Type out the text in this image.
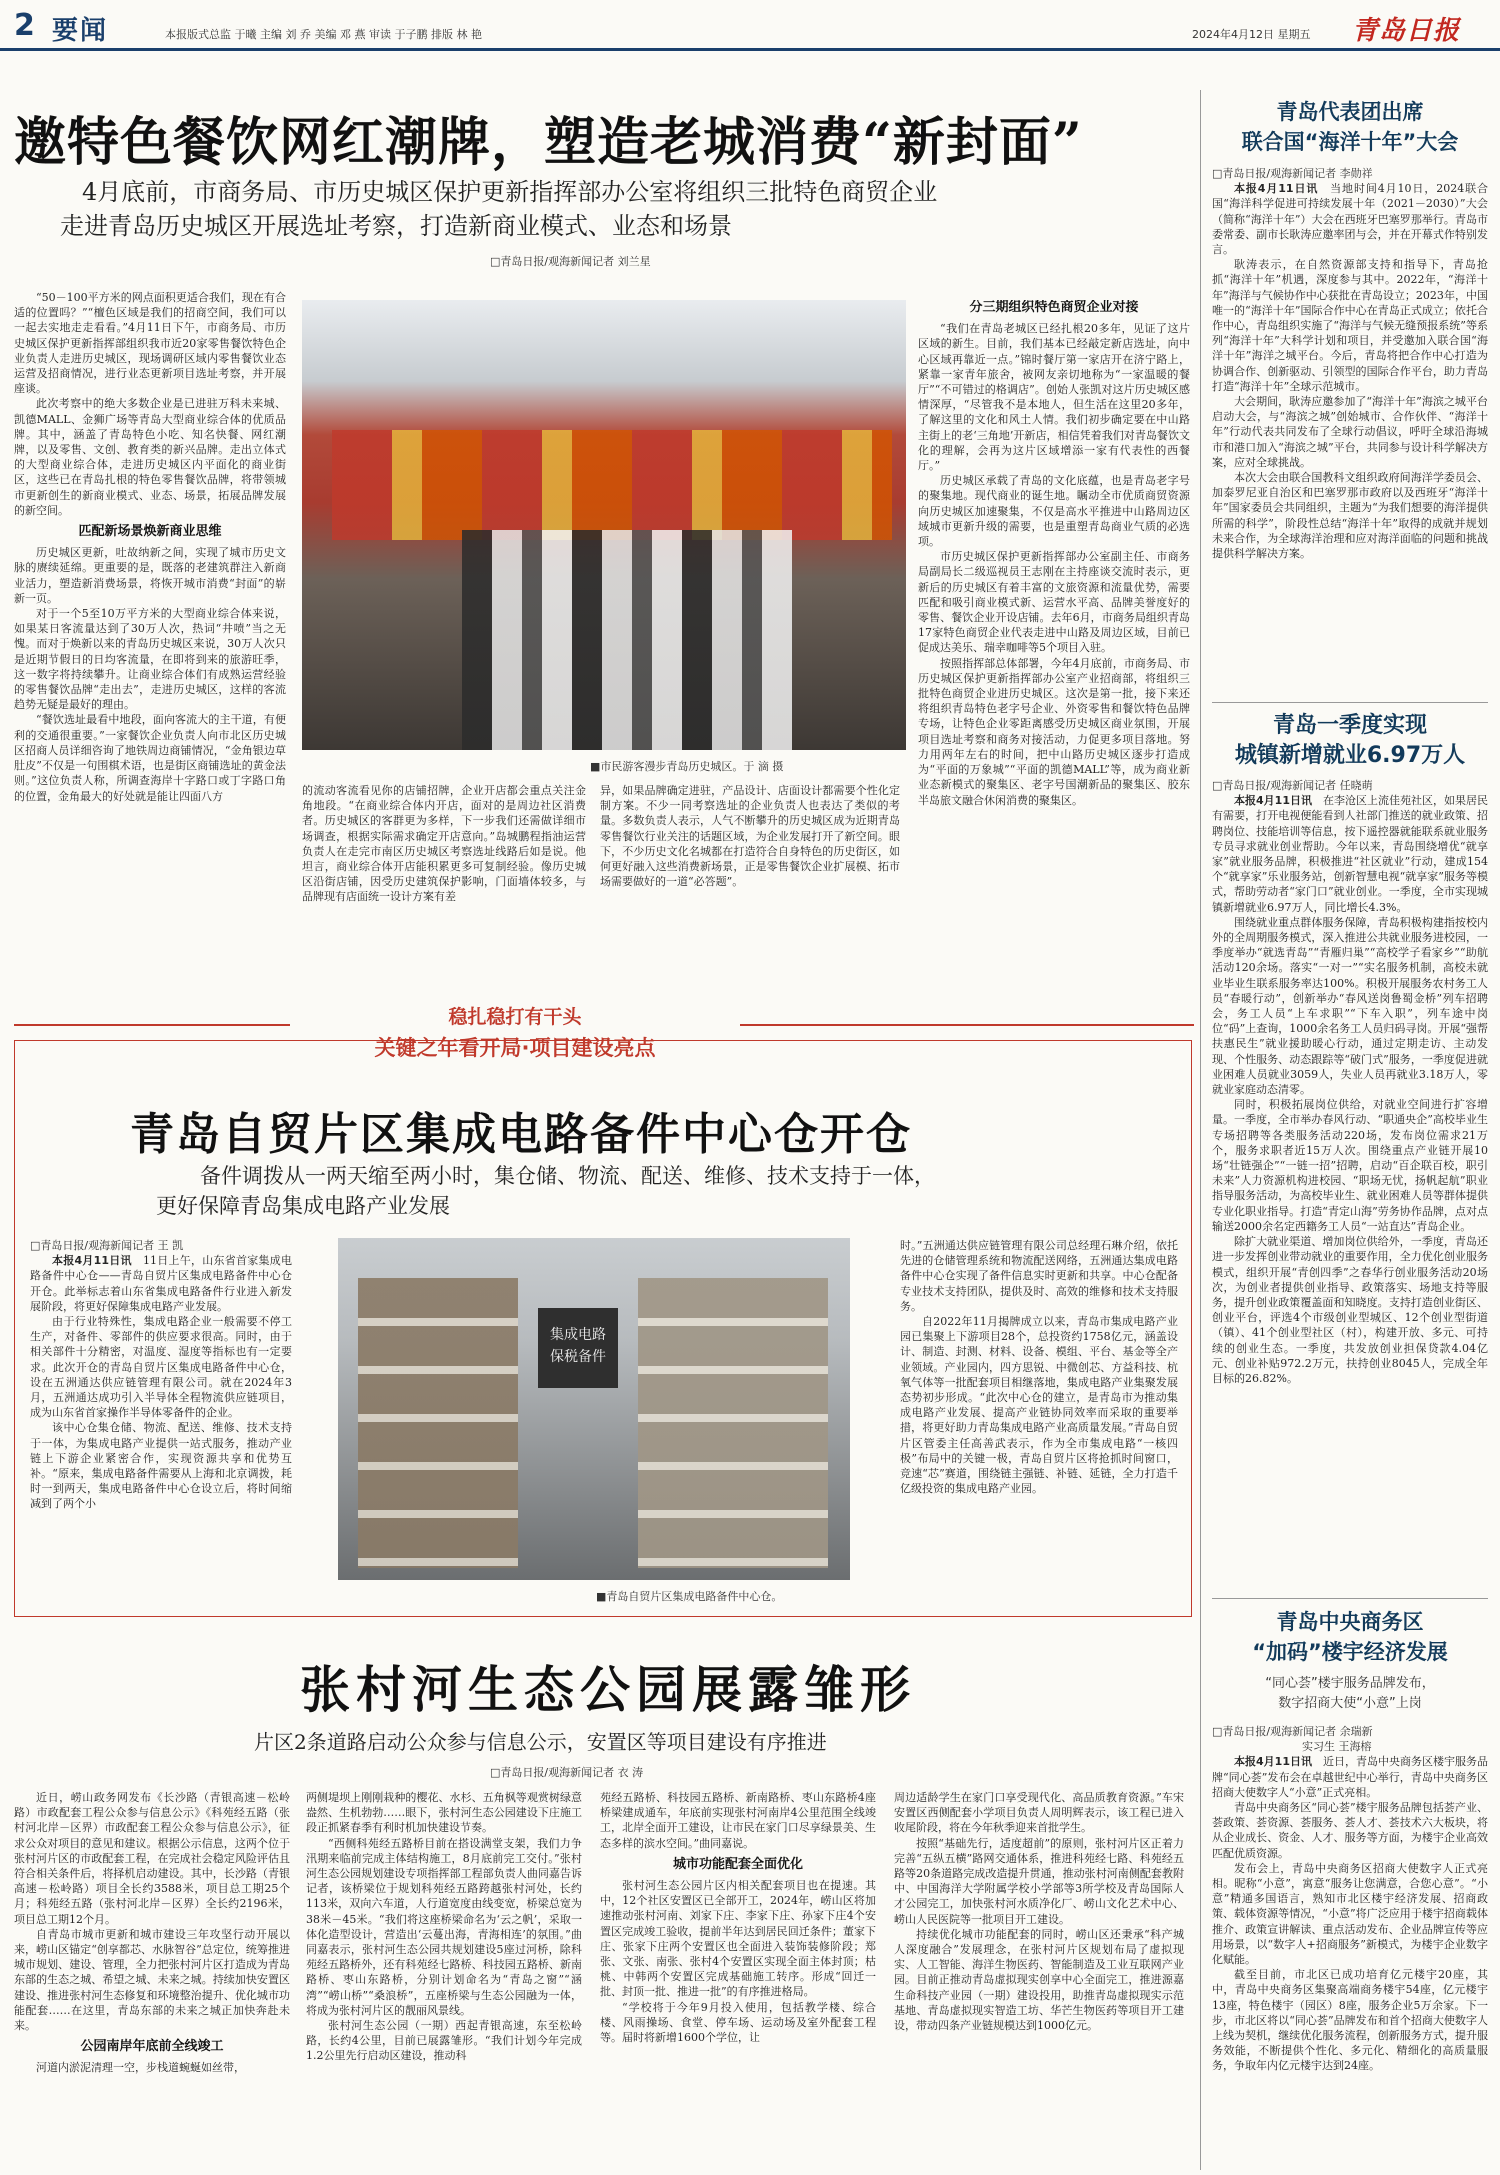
2 要闻	本报版式总监 于曦 主编 刘 乔 美编 邓 燕 审读 于子鹏 排版 林 艳	2024年4月12日 星期五 青岛日报
邀特色餐饮网红潮牌，塑造老城消费“新封面”
4月底前，市商务局、市历史城区保护更新指挥部办公室将组织三批特色商贸企业
走进青岛历史城区开展选址考察，打造新商业模式、业态和场景
□青岛日报/观海新闻记者 刘兰星

“50－100平方米的网点面积更适合我们，现在有合适的位置吗？”“檀色区域是我们的招商空间，我们可以一起去实地走走看看。”4月11日下午，市商务局、市历史城区保护更新指挥部组织我市近20家零售餐饮特色企业负责人走进历史城区，现场调研区域内零售餐饮业态运营及招商情况，进行业态更新项目选址考察，并开展座谈。

此次考察中的绝大多数企业是已进驻万科未来城、凯德MALL、金狮广场等青岛大型商业综合体的优质品牌。其中，涵盖了青岛特色小吃、知名快餐、网红潮牌，以及零售、文创、教育类的新兴品牌。走出立体式的大型商业综合体，走进历史城区内平面化的商业街区，这些已在青岛扎根的特色零售餐饮品牌，将带领城市更新创生的新商业模式、业态、场景，拓展品牌发展的新空间。

匹配新场景焕新商业思维

历史城区更新，吐故纳新之间，实现了城市历史文脉的赓续延绵。更重要的是，既落的老建筑群注入新商业活力，塑造新消费场景，将恢开城市消费“封面”的崭新一页。

对于一个5至10万平方米的大型商业综合体来说，如果某日客流量达到了30万人次，热词“井喷”当之无愧。而对于焕新以来的青岛历史城区来说，30万人次只是近期节假日的日均客流量，在即将到来的旅游旺季，这一数字将持续攀升。让商业综合体们有成熟运营经验的零售餐饮品牌“走出去”，走进历史城区，这样的客流趋势无疑是最好的理由。

“餐饮选址最看中地段，面向客流大的主干道，有便利的交通很重要。”一家餐饮企业负责人向市北区历史城区招商人员详细咨询了地铁周边商铺情况，“金角银边草肚皮”不仅是一句围棋术语，也是街区商铺选址的黄金法则。”这位负责人称，所调查海岸十字路口或丁字路口角的位置，金角最大的好处就是能让四面八方

■市民游客漫步青岛历史城区。于 滴 摄

的流动客流看见你的店铺招牌，企业开店都会重点关注金角地段。“在商业综合体内开店，面对的是周边社区消费者。历史城区的客群更为多样，下一步我们还需做详细市场调查，根据实际需求确定开店意向。”岛城鹏程指油运营负责人在走完市南区历史城区考察选址线路后如是说。他坦言，商业综合体开店能积累更多可复制经验。像历史城区沿街店铺，因受历史建筑保护影响，门面墙体较多，与品牌现有店面统一设计方案有差

异，如果品牌确定进驻，产品设计、店面设计都需要个性化定制方案。不少一同考察选址的企业负责人也表达了类似的考量。多数负责人表示，人气不断攀升的历史城区成为近期青岛零售餐饮行业关注的话题区域，为企业发展打开了新空间。眼下，不少历史文化名城都在打造符合自身特色的历史街区，如何更好融入这些消费新场景，正是零售餐饮企业扩展模、拓市场需要做好的一道“必答题”。

分三期组织特色商贸企业对接

“我们在青岛老城区已经扎根20多年，见证了这片区域的新生。目前，我们基本已经敲定新店选址，向中心区域再靠近一点。”锦时餐厅第一家店开在济宁路上，紧靠一家青年旅舍，被网友亲切地称为“一家温暖的餐厅”“不可错过的格调店”。创始人张凯对这片历史城区感情深厚，“尽管我不是本地人，但生活在这里20多年，了解这里的文化和风土人情。我们初步确定要在中山路主街上的老‘三角地’开新店，相信凭着我们对青岛餐饮文化的理解，会再为这片区域增添一家有代表性的西餐厅。”

历史城区承载了青岛的文化底蕴，也是青岛老字号的聚集地。现代商业的诞生地。瞩动全市优质商贸资源向历史城区加速聚集，不仅是高水平推进中山路周边区域城市更新升级的需要，也是重塑青岛商业气质的必选项。

市历史城区保护更新指挥部办公室副主任、市商务局副局长二级巡视员王志刚在主持座谈交流时表示，更新后的历史城区有着丰富的文旅资源和流量优势，需要匹配和吸引商业模式新、运营水平高、品牌美誉度好的零售、餐饮企业开设店铺。去年6月，市商务局组织青岛17家特色商贸企业代表走进中山路及周边区域，目前已促成达美乐、瑞幸咖啡等5个项目入驻。

按照指挥部总体部署，今年4月底前，市商务局、市历史城区保护更新指挥部办公室产业招商部，将组织三批特色商贸企业进历史城区。这次是第一批，接下来还将组织青岛特色老字号企业、外资零售和餐饮特色品牌专场，让特色企业零距离感受历史城区商业氛围，开展项目选址考察和商务对接活动，力促更多项目落地。努力用两年左右的时间，把中山路历史城区逐步打造成为“平面的万象城”“平面的凯德MALL”等，成为商业新业态新模式的聚集区、老字号国潮新品的聚集区、胶东半岛旅文融合休闲消费的聚集区。

稳扎稳打有干头
关键之年看开局·项目建设亮点
青岛自贸片区集成电路备件中心仓开仓
备件调拨从一两天缩至两小时，集仓储、物流、配送、维修、技术支持于一体，
更好保障青岛集成电路产业发展
□青岛日报/观海新闻记者 王 凯

本报4月11日讯　 11日上午，山东省首家集成电路备件中心仓——青岛自贸片区集成电路备件中心仓开仓。此举标志着山东省集成电路备件行业进入新发展阶段，将更好保障集成电路产业发展。

由于行业特殊性，集成电路企业一般需要不停工生产，对备件、零部件的供应要求很高。同时，由于相关部件十分精密，对温度、湿度等指标也有一定要求。此次开仓的青岛自贸片区集成电路备件中心仓，设在五洲通达供应链管理有限公司。就在2024年3月，五洲通达成功引入半导体全程物流供应链项目，成为山东省首家操作半导体零备件的企业。

该中心仓集仓储、物流、配送、维修、技术支持于一体，为集成电路产业提供一站式服务，推动产业链上下游企业紧密合作，实现资源共享和优势互补。“原来，集成电路备件需要从上海和北京调拨，耗时一到两天，集成电路备件中心仓设立后，将时间缩减到了两个小

集成电路
保税备件
■青岛自贸片区集成电路备件中心仓。

时。”五洲通达供应链管理有限公司总经理石琳介绍，依托先进的仓储管理系统和物流配送网络，五洲通达集成电路备件中心仓实现了备件信息实时更新和共享。中心仓配备专业技术支持团队，提供及时、高效的维修和技术支持服务。

自2022年11月揭牌成立以来，青岛市集成电路产业园已集聚上下游项目28个，总投资约1758亿元，涵盖设计、制造、封测、材料、设备、模组、平台、基金等全产业领域。产业园内，四方思锐、中微创芯、方益科技、杭氧气体等一批配套项目相继落地，集成电路产业集聚发展态势初步形成。“此次中心仓的建立，是青岛市为推动集成电路产业发展、提高产业链协同效率而采取的重要举措，将更好助力青岛集成电路产业高质量发展。”青岛自贸片区管委主任高善武表示，作为全市集成电路“一核四极”布局中的关键一极，青岛自贸片区将抢抓时间窗口，竞速“芯”赛道，围绕链主强链、补链、延链，全力打造千亿级投资的集成电路产业园。

张村河生态公园展露雏形
片区2条道路启动公众参与信息公示，安置区等项目建设有序推进
□青岛日报/观海新闻记者 衣 涛

近日，崂山政务网发布《长沙路（青银高速－松岭路）市政配套工程公众参与信息公示》《科苑经五路（张村河北岸－区界）市政配套工程公众参与信息公示》，征求公众对项目的意见和建议。根据公示信息，这两个位于张村河片区的市政配套工程，在完成社会稳定风险评估且符合相关条件后，将择机启动建设。其中，长沙路（青银高速－松岭路）项目全长约3588米，项目总工期25个月；科苑经五路（张村河北岸－区界）全长约2196米，项目总工期12个月。

自青岛市城市更新和城市建设三年攻坚行动开展以来，崂山区锚定“创享都芯、水脉智谷”总定位，统筹推进城市规划、建设、管理，全力把张村河片区打造成为青岛东部的生态之城、希望之城、未来之城。持续加快安置区建设、推进张村河生态修复和环境整治提升、优化城市功能配套……在这里，青岛东部的未来之城正加快奔赴未来。

公园南岸年底前全线竣工

河道内淤泥清理一空，步栈道蜿蜒如丝带，

两侧堤坝上刚刚栽种的樱花、水杉、五角枫等观赏树绿意盎然、生机勃勃……眼下，张村河生态公园建设下庄施工段正抓紧春季有利时机加快建设节奏。

“西侧科苑经五路桥目前在搭设满堂支架，我们力争汛期来临前完成主体结构施工，8月底前完工交付。”张村河生态公园规划建设专项指挥部工程部负责人曲同嘉告诉记者，该桥梁位于规划科苑经五路跨越张村河处，长约113米，双向六车道，人行道宽度由线变宽，桥梁总宽为38米－45米。“我们将这座桥梁命名为‘云之帆’，采取一体化造型设计，营造出‘云蔓出海，青海相连’的氛围。”曲同嘉表示，张村河生态公园共规划建设5座过河桥，除科苑经五路桥外，还有科苑经七路桥、科技园五路桥、新南路桥、枣山东路桥，分别计划命名为“青岛之窗”“涵湾”“崂山桥”“桑浪桥”，五座桥梁与生态公园融为一体，将成为张村河片区的靓丽风景线。

张村河生态公园（一期）西起青银高速，东至松岭路，长约4公里，目前已展露雏形。“我们计划今年完成1.2公里先行启动区建设，推动科

苑经五路桥、科技园五路桥、新南路桥、枣山东路桥4座桥梁建成通车，年底前实现张村河南岸4公里范围全线竣工，北岸全面开工建设，让市民在家门口尽享绿景美、生态多样的滨水空间。”曲同嘉说。

城市功能配套全面优化

张村河生态公园片区内相关配套项目也在提速。其中，12个社区安置区已全部开工，2024年，崂山区将加速推动张村河南、刘家下庄、李家下庄、孙家下庄4个安置区完成竣工验收，提前半年达到居民回迁条件；董家下庄、张家下庄两个安置区也全面进入装饰装修阶段；郑张、文张、南张、张村4个安置区实现全面主体封顶；枯桃、中韩两个安置区完成基础施工转序。形成“回迁一批、封顶一批、推进一批”的有序推进格局。

“学校将于今年9月投入使用，包括教学楼、综合楼、风雨操场、食堂、停车场、运动场及室外配套工程等。届时将新增1600个学位，让

周边适龄学生在家门口享受现代化、高品质教育资源。”车宋安置区西侧配套小学项目负责人周明辉表示，该工程已进入收尾阶段，将在今年秋季迎来首批学生。

按照“基础先行，适度超前”的原则，张村河片区正着力完善“五纵五横”路网交通体系，推进科苑经七路、科苑经五路等20条道路完成改造提升贯通，推动张村河南侧配套教附中、中国海洋大学附属学校小学部等3所学校及青岛国际人才公园完工，加快张村河水质净化厂、崂山文化艺术中心、崂山人民医院等一批项目开工建设。

持续优化城市功能配套的同时，崂山区还秉承“科产城人深度融合”发展理念，在张村河片区规划布局了虚拟现实、人工智能、海洋生物医药、智能制造及工业互联网产业园。目前正推动青岛虚拟现实创享中心全面完工，推进源嘉生命科技产业园（一期）建设投用，助推青岛虚拟现实示范基地、青岛虚拟现实智造工坊、华芒生物医药等项目开工建设，带动四条产业链规模达到1000亿元。

青岛代表团出席
联合国“海洋十年”大会
□青岛日报/观海新闻记者 李勋祥

本报4月11日讯　 当地时间4月10日，2024联合国“海洋科学促进可持续发展十年（2021－2030）”大会（简称“海洋十年”）大会在西班牙巴塞罗那举行。青岛市委常委、副市长耿涛应邀率团与会，并在开幕式作特别发言。

耿涛表示，在自然资源部支持和指导下，青岛抢抓“海洋十年”机遇，深度参与其中。2022年，“海洋十年”海洋与气候协作中心获批在青岛设立；2023年，中国唯一的“海洋十年”国际合作中心在青岛正式成立；依托合作中心，青岛组织实施了“海洋与气候无缝预报系统”等系列“海洋十年”大科学计划和项目，并受邀加入联合国“海洋十年”海洋之城平台。今后，青岛将把合作中心打造为协调合作、创新驱动、引领型的国际合作平台，助力青岛打造“海洋十年”全球示范城市。

大会期间，耿涛应邀参加了“海洋十年”海滨之城平台启动大会，与“海滨之城”创始城市、合作伙伴、“海洋十年”行动代表共同发布了全球行动倡议，呼吁全球沿海城市和港口加入“海滨之城”平台，共同参与设计科学解决方案，应对全球挑战。

本次大会由联合国教科文组织政府间海洋学委员会、加泰罗尼亚自治区和巴塞罗那市政府以及西班牙“海洋十年”国家委员会共同组织，主题为“为我们想要的海洋提供所需的科学”，阶段性总结“海洋十年”取得的成就并规划未来合作，为全球海洋治理和应对海洋面临的问题和挑战提供科学解决方案。

青岛一季度实现
城镇新增就业6.97万人
□青岛日报/观海新闻记者 任晓萌

本报4月11日讯　 在李沧区上流佳苑社区，如果居民有需要，打开电视便能看到人社部门推送的就业政策、招聘岗位、技能培训等信息，按下遥控器就能联系就业服务专员寻求就业创业帮助。今年以来，青岛围绕增优“就享家”就业服务品牌，积极推进“社区就业”行动，建成154个“就享家”乐业服务站，创新智慧电视“就享家”服务等模式，帮助劳动者“家门口”就业创业。一季度，全市实现城镇新增就业6.97万人，同比增长4.3%。

围绕就业重点群体服务保障，青岛积极构建指按校内外的全周期服务模式，深入推进公共就业服务进校园，一季度举办“就选青岛”“青雁归巢”“高校学子看家乡”“助航活动120余场。落实“一对一”“实名服务机制，高校未就业毕业生联系服务率达100%。积极开展服务农村务工人员“春暖行动”，创新举办“春风送岗鲁蜀金桥”列车招聘会，务工人员“上车求职”“下车入职”，列车途中岗位“码”上查询，1000余名务工人员归码寻岗。开展“强帮扶惠民生”就业援助暖心行动，通过定期走访、主动发现、个性服务、动态跟踪等“破门式”服务，一季度促进就业困难人员就业3059人，失业人员再就业3.18万人，零就业家庭动态清零。

同时，积极拓展岗位供给，对就业空间进行扩容增量。一季度，全市举办春风行动、“职通央企”高校毕业生专场招聘等各类服务活动220场，发布岗位需求21万个，服务求职者近15万人次。围绕重点产业链开展10场“壮链强企”“一链一招”招聘，启动“百企联百校，职引未来”人力资源机构进校园、“职场无忧，扬帆起航”职业指导服务活动，为高校毕业生、就业困难人员等群体提供专业化职业指导。打造“青定山海”劳务协作品牌，点对点输送2000余名定西籍务工人员“一站直达”青岛企业。

除扩大就业渠道、增加岗位供给外，一季度，青岛还进一步发挥创业带动就业的重要作用，全力优化创业服务模式，组织开展“青创四季”之春华行创业服务活动20场次，为创业者提供创业指导、政策落实、场地支持等服务，提升创业政策覆盖面和知晓度。支持打造创业街区、创业平台，评选4个市级创业型城区、12个创业型街道（镇）、41个创业型社区（村），构建开放、多元、可持续的创业生态。一季度，共发放创业担保贷款4.04亿元、创业补贴972.2万元，扶持创业8045人，完成全年目标的26.82%。

青岛中央商务区
“加码”楼宇经济发展
“同心荟”楼宇服务品牌发布，
数字招商大使“小意”上岗
□青岛日报/观海新闻记者 余瑞新
实习生 王海榕

本报4月11日讯　 近日，青岛中央商务区楼宇服务品牌“同心荟”发布会在卓越世纪中心举行，青岛中央商务区招商大使数字人“小意”正式亮相。

青岛中央商务区“同心荟”楼宇服务品牌包括荟产业、荟政策、荟资源、荟服务、荟人才、荟技术六大板块，将从企业成长、资金、人才、服务等方面，为楼宇企业高效匹配优质资源。

发布会上，青岛中央商务区招商大使数字人正式亮相。昵称“小意”，寓意“服务让您满意，合您心意”。“小意”精通多国语言，熟知市北区楼宇经济发展、招商政策、载体资源等情况，“小意”将广泛应用于楼宇招商载体推介、政策宣讲解读、重点活动发布、企业品牌宣传等应用场景，以“数字人+招商服务”新模式，为楼宇企业数字化赋能。

截至目前，市北区已成功培育亿元楼宇20座，其中，青岛中央商务区集聚高端商务楼宇54座，亿元楼宇13座，特色楼宇（园区）8座，服务企业5万余家。下一步，市北区将以“同心荟”品牌发布和首个招商大使数字人上线为契机，继续优化服务流程，创新服务方式，提升服务效能，不断提供个性化、多元化、精细化的高质量服务，争取年内亿元楼宇达到24座。
